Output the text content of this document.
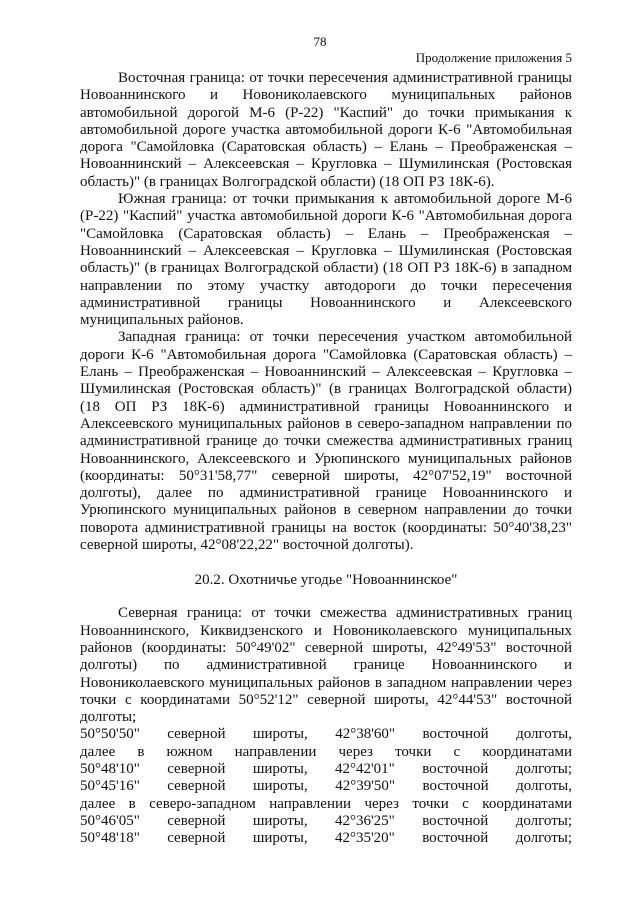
78
Продолжение приложения 5

Восточная граница: от точки пересечения административной границы Новоаннинского и Новониколаевского муниципальных районов автомобильной дорогой М-6 (Р-22) "Каспий" до точки примыкания к автомобильной дороге участка автомобильной дороги К-6 "Автомобильная дорога "Самойловка (Саратовская область) – Елань – Преображенская – Новоаннинский – Алексеевская – Кругловка – Шумилинская (Ростовская область)" (в границах Волгоградской области) (18 ОП РЗ 18К-6).

Южная граница: от точки примыкания к автомобильной дороге М-6 (Р-22) "Каспий" участка автомобильной дороги К-6 "Автомобильная дорога "Самойловка (Саратовская область) – Елань – Преображенская – Новоаннинский – Алексеевская – Кругловка – Шумилинская (Ростовская область)" (в границах Волгоградской области) (18 ОП РЗ 18К-6) в западном направлении по этому участку автодороги до точки пересечения административной границы Новоаннинского и Алексеевского муниципальных районов.

Западная граница: от точки пересечения участком автомобильной дороги К-6 "Автомобильная дорога "Самойловка (Саратовская область) – Елань – Преображенская – Новоаннинский – Алексеевская – Кругловка – Шумилинская (Ростовская область)" (в границах Волгоградской области) (18 ОП РЗ 18К-6) административной границы Новоаннинского и Алексеевского муниципальных районов в северо-западном направлении по административной границе до точки смежества административных границ Новоаннинского, Алексеевского и Урюпинского муниципальных районов (координаты: 50°31'58,77" северной широты, 42°07'52,19" восточной долготы), далее по административной границе Новоаннинского и Урюпинского муниципальных районов в северном направлении до точки поворота административной границы на восток (координаты: 50°40'38,23" северной широты, 42°08'22,22" восточной долготы).

20.2. Охотничье угодье "Новоаннинское"

Северная граница: от точки смежества административных границ Новоаннинского, Киквидзенского и Новониколаевского муниципальных районов (координаты: 50°49'02" северной широты, 42°49'53" восточной долготы) по административной границе Новоаннинского и Новониколаевского муниципальных районов в западном направлении через точки с координатами 50°52'12" северной широты, 42°44'53" восточной долготы;

50°50'50" северной широты, 42°38'60" восточной долготы,
далее в южном направлении через точки с координатами
50°48'10" северной широты, 42°42'01" восточной долготы;
50°45'16" северной широты, 42°39'50" восточной долготы,
далее в северо-западном направлении через точки с координатами
50°46'05" северной широты, 42°36'25" восточной долготы;
50°48'18" северной широты, 42°35'20" восточной долготы;
